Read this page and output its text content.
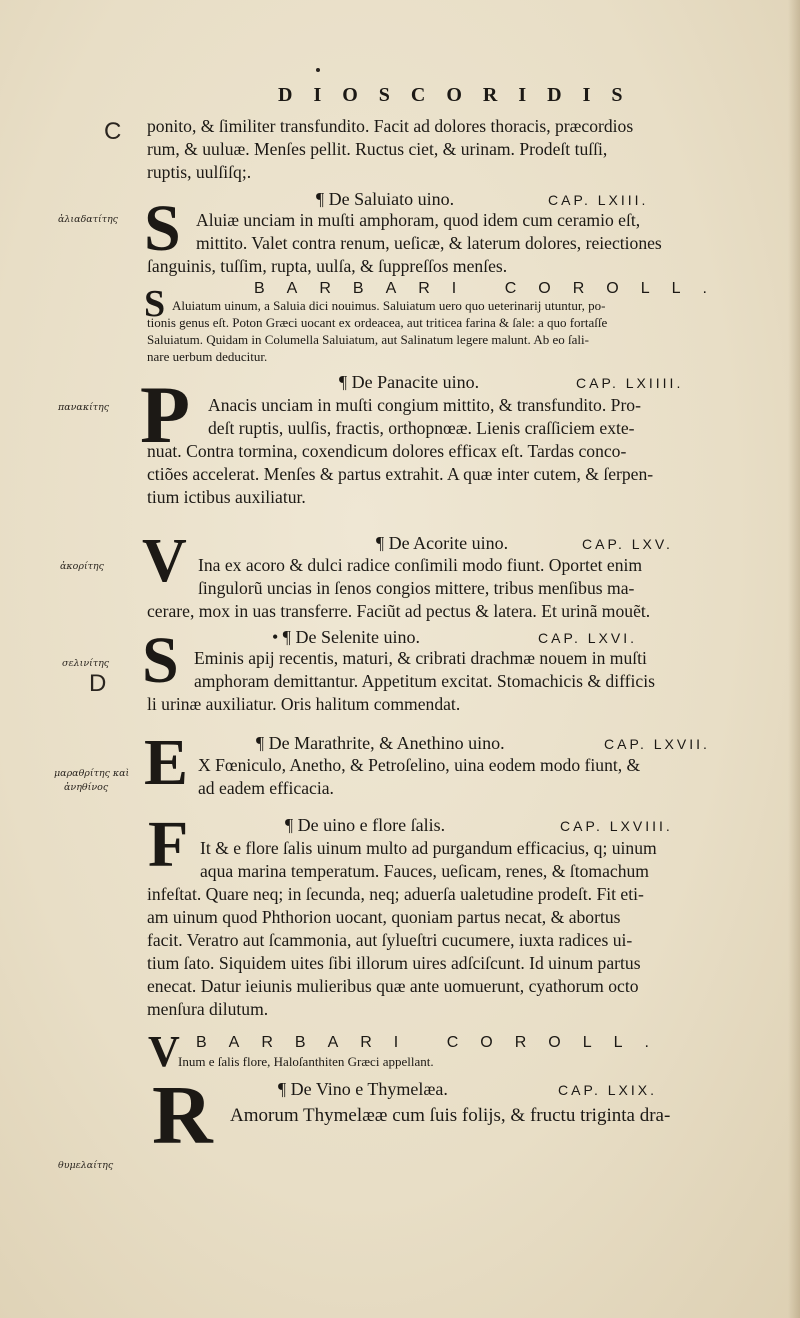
DIOSCORIDIS
C
ἁλιαδατίτης
πανακίτης
ἀκορίτης
σελινίτης
D
μαραθρίτης καὶ
ἀνηθίνος
θυμελαίτης
ponito, & ſimiliter transfundito. Facit ad dolores thoracis, præcordios
rum, & uuluæ. Menſes pellit. Ructus ciet, & urinam. Prodeſt tuſſi,
ruptis, uulſiſq;.
¶ De Saluiato uino.	CAP. LXIII.
S Aluiæ unciam in muſti amphoram, quod idem cum ceramio eſt,
mittito. Valet contra renum, ueſicæ, & laterum dolores, reiectiones
ſanguinis, tuſſim, rupta, uulſa, & ſuppreſſos menſes.
BARBARI COROLL.
S Aluiatum uinum, a Saluia dici nouimus. Saluiatum uero quo ueterinarij utuntur, po-
tionis genus eſt. Poton Græci uocant ex ordeacea, aut triticea farina & ſale: a quo fortaſſe
Saluiatum. Quidam in Columella Saluiatum, aut Salinatum legere malunt. Ab eo ſali-
nare uerbum deducitur.
¶ De Panacite uino.	CAP. LXIIII.
P Anacis unciam in muſti congium mittito, & transfundito. Pro-
deſt ruptis, uulſis, fractis, orthopnœæ. Lienis craſſiciem exte-
nuat. Contra tormina, coxendicum dolores efficax eſt. Tardas conco-
ctiões accelerat. Menſes & partus extrahit. A quæ inter cutem, & ſerpen-
tium ictibus auxiliatur.
¶ De Acorite uino.	CAP. LXV.
V Ina ex acoro & dulci radice conſimili modo fiunt. Oportet enim
ſingulorũ uncias in ſenos congios mittere, tribus menſibus ma-
cerare, mox in uas transferre. Faciũt ad pectus & latera. Et urinã mouẽt.
• ¶ De Selenite uino.	CAP. LXVI.
S Eminis apij recentis, maturi, & cribrati drachmæ nouem in muſti
amphoram demittantur. Appetitum excitat. Stomachicis & difficis
li urinæ auxiliatur. Oris halitum commendat.
¶ De Marathrite, & Anethino uino.	CAP. LXVII.
E X Fœniculo, Anetho, & Petroſelino, uina eodem modo fiunt, &
ad eadem efficacia.
¶ De uino e flore ſalis.	CAP. LXVIII.
F It & e flore ſalis uinum multo ad purgandum efficacius, q; uinum
aqua marina temperatum. Fauces, ueſicam, renes, & ſtomachum
infeſtat. Quare neq; in ſecunda, neq; aduerſa ualetudine prodeſt. Fit eti-
am uinum quod Phthorion uocant, quoniam partus necat, & abortus
facit. Veratro aut ſcammonia, aut ſylueſtri cucumere, iuxta radices ui-
tium ſato. Siquidem uites ſibi illorum uires adſciſcunt. Id uinum partus
enecat. Datur ieiunis mulieribus quæ ante uomuerunt, cyathorum octo
menſura dilutum.
BARBARI COROLL.
V
Inum e ſalis flore, Haloſanthiten Græci appellant.
¶ De Vino e Thymelæa.	CAP. LXIX.
R Amorum Thymelææ cum ſuis folijs, & fructu triginta dra-
